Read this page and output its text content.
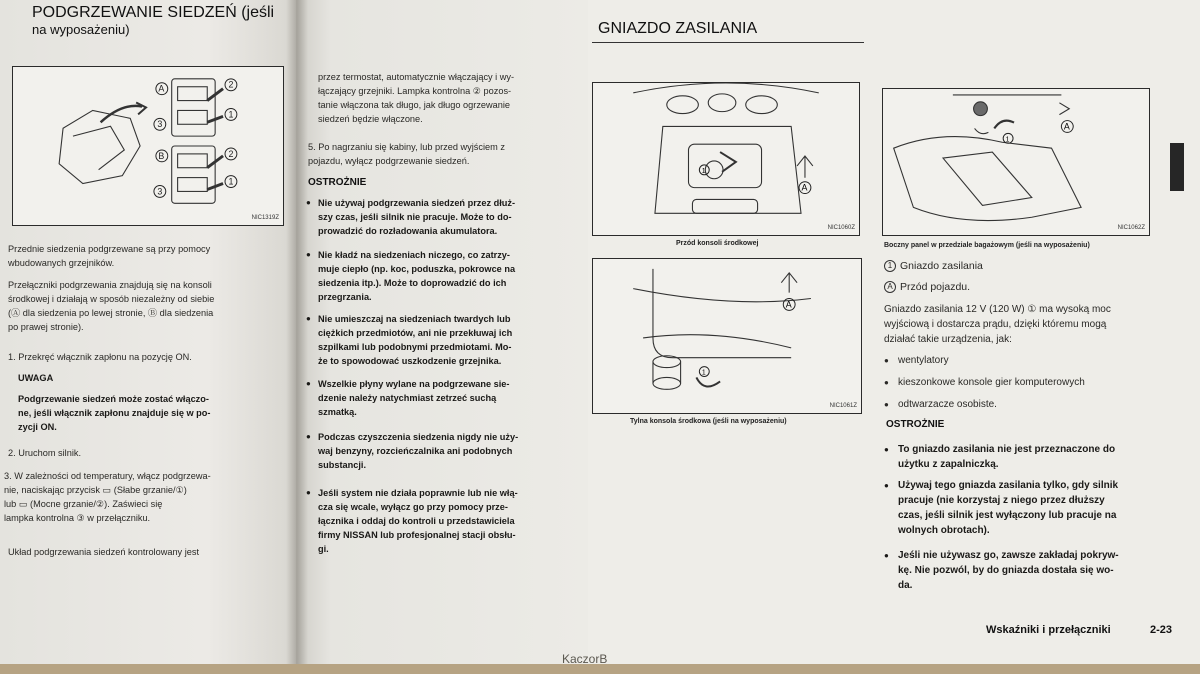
PODGRZEWANIE SIEDZEŃ (jeśli
na wyposażeniu)
A	2
1
3
B	2
1
3
NIC1319Z
Przednie siedzenia podgrzewane są przy pomocy
wbudowanych grzejników.
Przełączniki podgrzewania znajdują się na konsoli
środkowej i działają w sposób niezależny od siebie
(Ⓐ dla siedzenia po lewej stronie, Ⓑ dla siedzenia
po prawej stronie).
1. Przekręć włącznik zapłonu na pozycję ON.
UWAGA
Podgrzewanie siedzeń może zostać włączo-
ne, jeśli włącznik zapłonu znajduje się w po-
zycji ON.
2. Uruchom silnik.
3. W zależności od temperatury, włącz podgrzewa-
nie, naciskając przycisk ▭ (Słabe grzanie/①)
lub ▭ (Mocne grzanie/②). Zaświeci się
lampka kontrolna ③ w przełączniku.
Układ podgrzewania siedzeń kontrolowany jest
przez termostat, automatycznie włączający i wy-
łączający grzejniki. Lampka kontrolna ② pozos-
tanie włączona tak długo, jak długo ogrzewanie
siedzeń będzie włączone.
5. Po nagrzaniu się kabiny, lub przed wyjściem z
pojazdu, wyłącz podgrzewanie siedzeń.
OSTROŻNIE
● Nie używaj podgrzewania siedzeń przez dłuż-
szy czas, jeśli silnik nie pracuje. Może to do-
prowadzić do rozładowania akumulatora.
● Nie kładź na siedzeniach niczego, co zatrzy-
muje ciepło (np. koc, poduszka, pokrowce na
siedzenia itp.). Może to doprowadzić do ich
przegrzania.
● Nie umieszczaj na siedzeniach twardych lub
ciężkich przedmiotów, ani nie przekłuwaj ich
szpilkami lub podobnymi przedmiotami. Mo-
że to spowodować uszkodzenie grzejnika.
● Wszelkie płyny wylane na podgrzewane sie-
dzenie należy natychmiast zetrzeć suchą
szmatką.
● Podczas czyszczenia siedzenia nigdy nie uży-
waj benzyny, rozcieńczalnika ani podobnych
substancji.
● Jeśli system nie działa poprawnie lub nie włą-
cza się wcale, wyłącz go przy pomocy prze-
łącznika i oddaj do kontroli u przedstawiciela
firmy NISSAN lub profesjonalnej stacji obsłu-
gi.
GNIAZDO ZASILANIA
A
1
NIC1060Z
Przód konsoli środkowej
A
1
NIC1061Z
Tylna konsola środkowa (jeśli na wyposażeniu)
A
1
NIC1062Z
Boczny panel w przedziale bagażowym (jeśli na wyposażeniu)
1 Gniazdo zasilania
A Przód pojazdu.
Gniazdo zasilania 12 V (120 W) ① ma wysoką moc
wyjściową i dostarcza prądu, dzięki któremu mogą
działać takie urządzenia, jak:
● wentylatory
● kieszonkowe konsole gier komputerowych
● odtwarzacze osobiste.
OSTROŻNIE
● To gniazdo zasilania nie jest przeznaczone do
użytku z zapalniczką.
● Używaj tego gniazda zasilania tylko, gdy silnik
pracuje (nie korzystaj z niego przez dłuższy
czas, jeśli silnik jest wyłączony lub pracuje na
wolnych obrotach).
● Jeśli nie używasz go, zawsze zakładaj pokryw-
kę. Nie pozwól, by do gniazda dostała się wo-
da.
Wskaźniki i przełączniki	2-23
KaczorB
